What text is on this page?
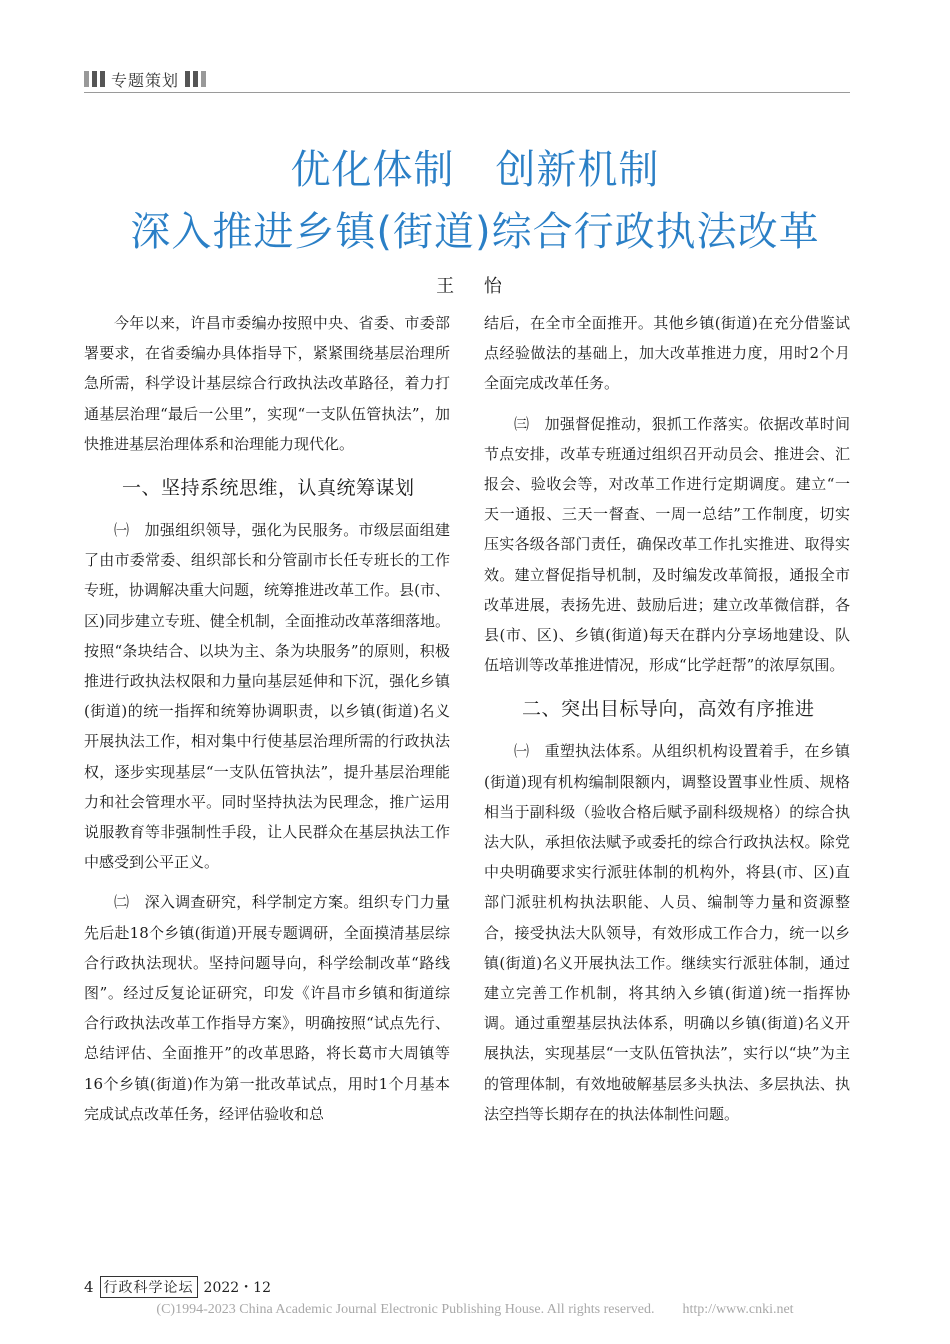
专题策划
优化体制　创新机制
深入推进乡镇(街道)综合行政执法改革
王 怡

今年以来，许昌市委编办按照中央、省委、市委部署要求，在省委编办具体指导下，紧紧围绕基层治理所急所需，科学设计基层综合行政执法改革路径，着力打通基层治理“最后一公里”，实现“一支队伍管执法”，加快推进基层治理体系和治理能力现代化。

一、坚持系统思维，认真统筹谋划

㈠　加强组织领导，强化为民服务。市级层面组建了由市委常委、组织部长和分管副市长任专班长的工作专班，协调解决重大问题，统筹推进改革工作。县(市、区)同步建立专班、健全机制，全面推动改革落细落地。按照“条块结合、以块为主、条为块服务”的原则，积极推进行政执法权限和力量向基层延伸和下沉，强化乡镇(街道)的统一指挥和统筹协调职责，以乡镇(街道)名义开展执法工作，相对集中行使基层治理所需的行政执法权，逐步实现基层“一支队伍管执法”，提升基层治理能力和社会管理水平。同时坚持执法为民理念，推广运用说服教育等非强制性手段，让人民群众在基层执法工作中感受到公平正义。

㈡　深入调查研究，科学制定方案。组织专门力量先后赴18个乡镇(街道)开展专题调研，全面摸清基层综合行政执法现状。坚持问题导向，科学绘制改革“路线图”。经过反复论证研究，印发《许昌市乡镇和街道综合行政执法改革工作指导方案》，明确按照“试点先行、总结评估、全面推开”的改革思路，将长葛市大周镇等16个乡镇(街道)作为第一批改革试点，用时1个月基本完成试点改革任务，经评估验收和总

结后，在全市全面推开。其他乡镇(街道)在充分借鉴试点经验做法的基础上，加大改革推进力度，用时2个月全面完成改革任务。

㈢　加强督促推动，狠抓工作落实。依据改革时间节点安排，改革专班通过组织召开动员会、推进会、汇报会、验收会等，对改革工作进行定期调度。建立“一天一通报、三天一督查、一周一总结”工作制度，切实压实各级各部门责任，确保改革工作扎实推进、取得实效。建立督促指导机制，及时编发改革简报，通报全市改革进展，表扬先进、鼓励后进；建立改革微信群，各县(市、区)、乡镇(街道)每天在群内分享场地建设、队伍培训等改革推进情况，形成“比学赶帮”的浓厚氛围。

二、突出目标导向，高效有序推进

㈠　重塑执法体系。从组织机构设置着手，在乡镇(街道)现有机构编制限额内，调整设置事业性质、规格相当于副科级（验收合格后赋予副科级规格）的综合执法大队，承担依法赋予或委托的综合行政执法权。除党中央明确要求实行派驻体制的机构外，将县(市、区)直部门派驻机构执法职能、人员、编制等力量和资源整合，接受执法大队领导，有效形成工作合力，统一以乡镇(街道)名义开展执法工作。继续实行派驻体制，通过建立完善工作机制，将其纳入乡镇(街道)统一指挥协调。通过重塑基层执法体系，明确以乡镇(街道)名义开展执法，实现基层“一支队伍管执法”，实行以“块”为主的管理体制，有效地破解基层多头执法、多层执法、执法空挡等长期存在的执法体制性问题。

4 行政科学论坛 2022・12
(C)1994-2023 China Academic Journal Electronic Publishing House. All rights reserved.　　http://www.cnki.net
